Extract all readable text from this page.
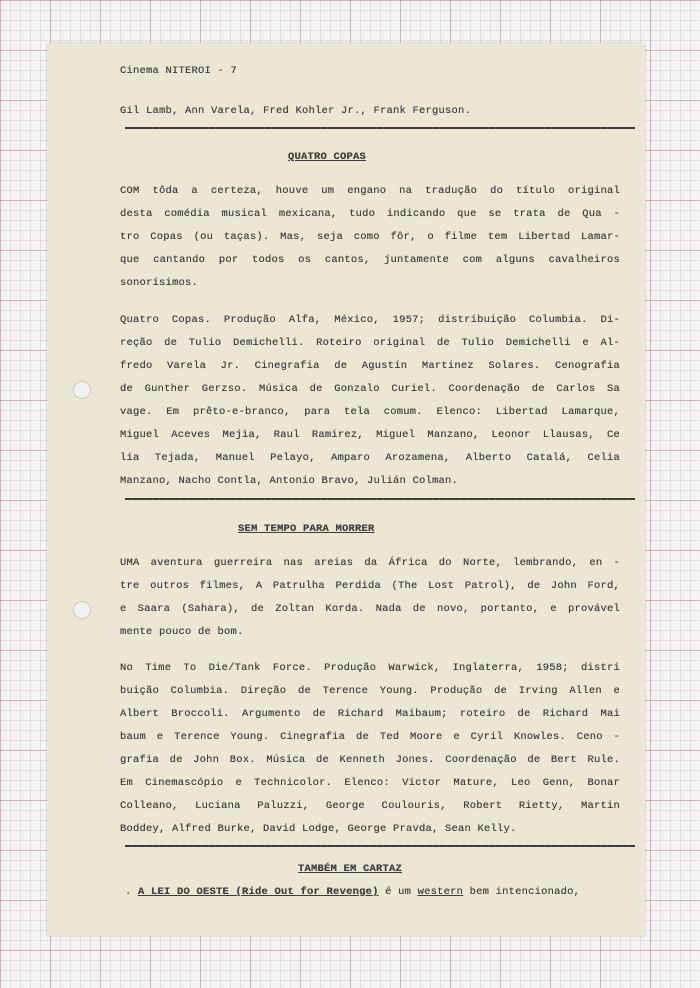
Cinema NITEROI - 7
Gil Lamb, Ann Varela, Fred Kohler Jr., Frank Ferguson.
QUATRO COPAS
COM tôda a certeza, houve um engano na tradução do título original
desta comédia musical mexicana, tudo indicando que se trata de Qua -
tro Copas (ou taças). Mas, seja como fôr, o filme tem Libertad Lamar-
que cantando por todos os cantos, juntamente com alguns cavalheiros
sonorísimos.
Quatro Copas. Produção Alfa, México, 1957; distribuição Columbia. Di-
reção de Tulio Demichelli. Roteiro original de Tulio Demichelli e Al-
fredo Varela Jr. Cinegrafia de Agustín Martinez Solares. Cenografia
de Gunther Gerzso. Música de Gonzalo Curiel. Coordenação de Carlos Sa
vage. Em prêto-e-branco, para tela comum. Elenco: Libertad Lamarque,
Miguel Aceves Mejia, Raul Ramirez, Miguel Manzano, Leonor Llausas, Ce
lia Tejada, Manuel Pelayo, Amparo Arozamena, Alberto Catalá, Celia
Manzano, Nacho Contla, Antonio Bravo, Julián Colman.
SEM TEMPO PARA MORRER
UMA aventura guerreira nas areias da África do Norte, lembrando, en -
tre outros filmes, A Patrulha Perdida (The Lost Patrol), de John Ford,
e Saara (Sahara), de Zoltan Korda. Nada de novo, portanto, e provável
mente pouco de bom.
No Time To Die/Tank Force. Produção Warwick, Inglaterra, 1958; distri
buição Columbia. Direção de Terence Young. Produção de Irving Allen e
Albert Broccoli. Argumento de Richard Maibaum; roteiro de Richard Mai
baum e Terence Young. Cinegrafia de Ted Moore e Cyril Knowles. Ceno -
grafia de John Box. Música de Kenneth Jones. Coordenação de Bert Rule.
Em Cinemascópio e Technicolor. Elenco: Victor Mature, Leo Genn, Bonar
Colleano, Luciana Paluzzi, George Coulouris, Robert Rietty, Martin
Boddey, Alfred Burke, David Lodge, George Pravda, Sean Kelly.
TAMBÉM EM CARTAZ
. A LEI DO OESTE (Ride Out for Revenge) é um western bem intencionado,
